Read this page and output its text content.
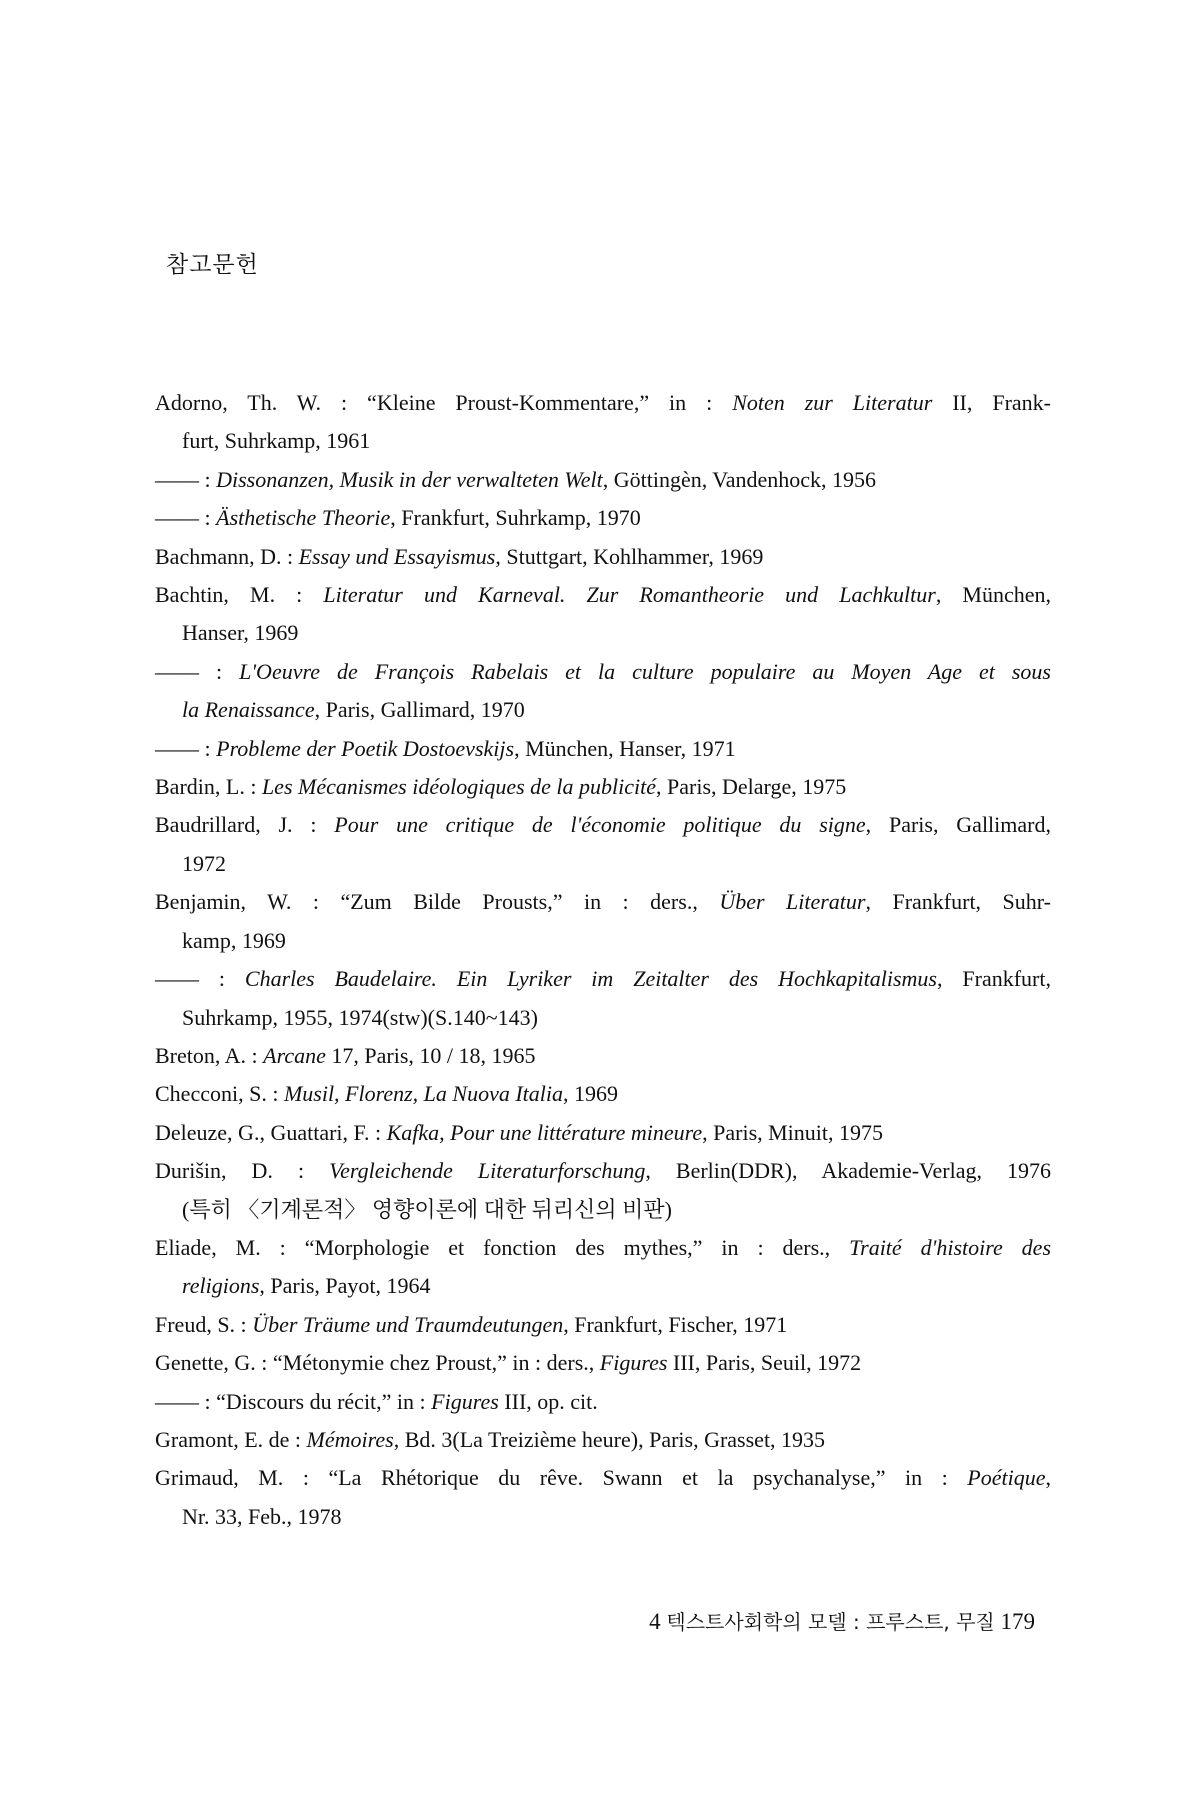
참고문헌
Adorno, Th. W. : “Kleine Proust-Kommentare,” in : Noten zur Literatur II, Frank-
furt, Suhrkamp, 1961
—— : Dissonanzen, Musik in der verwalteten Welt, Göttingèn, Vandenhock, 1956
—— : Ästhetische Theorie, Frankfurt, Suhrkamp, 1970
Bachmann, D. : Essay und Essayismus, Stuttgart, Kohlhammer, 1969
Bachtin, M. : Literatur und Karneval. Zur Romantheorie und Lachkultur, München,
Hanser, 1969
—— : L'Oeuvre de François Rabelais et la culture populaire au Moyen Age et sous
la Renaissance, Paris, Gallimard, 1970
—— : Probleme der Poetik Dostoevskijs, München, Hanser, 1971
Bardin, L. : Les Mécanismes idéologiques de la publicité, Paris, Delarge, 1975
Baudrillard, J. : Pour une critique de l'économie politique du signe, Paris, Gallimard,
1972
Benjamin, W. : “Zum Bilde Prousts,” in : ders., Über Literatur, Frankfurt, Suhr-
kamp, 1969
—— : Charles Baudelaire. Ein Lyriker im Zeitalter des Hochkapitalismus, Frankfurt,
Suhrkamp, 1955, 1974(stw)(S.140~143)
Breton, A. : Arcane 17, Paris, 10 / 18, 1965
Checconi, S. : Musil, Florenz, La Nuova Italia, 1969
Deleuze, G., Guattari, F. : Kafka, Pour une littérature mineure, Paris, Minuit, 1975
Durišin, D. : Vergleichende Literaturforschung, Berlin(DDR), Akademie-Verlag, 1976
(특히 〈기계론적〉 영향이론에 대한 뒤리신의 비판)
Eliade, M. : “Morphologie et fonction des mythes,” in : ders., Traité d'histoire des
religions, Paris, Payot, 1964
Freud, S. : Über Träume und Traumdeutungen, Frankfurt, Fischer, 1971
Genette, G. : “Métonymie chez Proust,” in : ders., Figures III, Paris, Seuil, 1972
—— : “Discours du récit,” in : Figures III, op. cit.
Gramont, E. de : Mémoires, Bd. 3(La Treizième heure), Paris, Grasset, 1935
Grimaud, M. : “La Rhétorique du rêve. Swann et la psychanalyse,” in : Poétique,
Nr. 33, Feb., 1978
4 텍스트사회학의 모델 : 프루스트, 무질 179
